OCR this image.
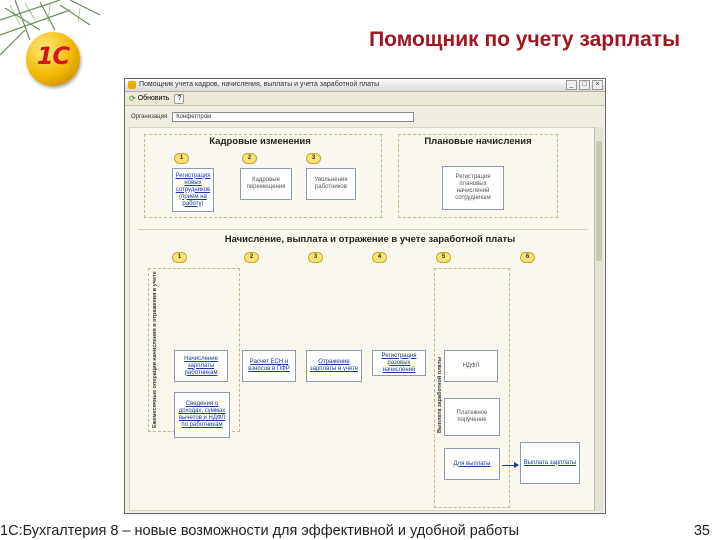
1С
Помощник по учету зарплаты
Помощник учета кадров, начисления, выплаты и учета заработной платы	_	□	×
⟳ Обновить	?
Организация	Конфетпром
Кадровые изменения
1	2	3
Регистрация новых сотрудников (прием на работу)
Кадровые перемещения
Увольнения работников
Плановые начисления
Регистрация плановых начислений сотрудникам
Начисление, выплата и отражение в учете заработной платы
1	2	3	4	5	6
Ежемесячные операции начисления и отражения в учете	Выплата заработной платы
Начисление зарплаты работникам
Расчет ЕСН и взносов в ПФР
Отражение зарплаты в учете
Регистрация разовых начислений
НДФЛ
Сведения о доходах, суммах вычетов и НДФЛ по работникам
Платежное поручение
Для выплаты	Выплата зарплаты
1С:Бухгалтерия 8 – новые возможности для эффективной и удобной работы	35
